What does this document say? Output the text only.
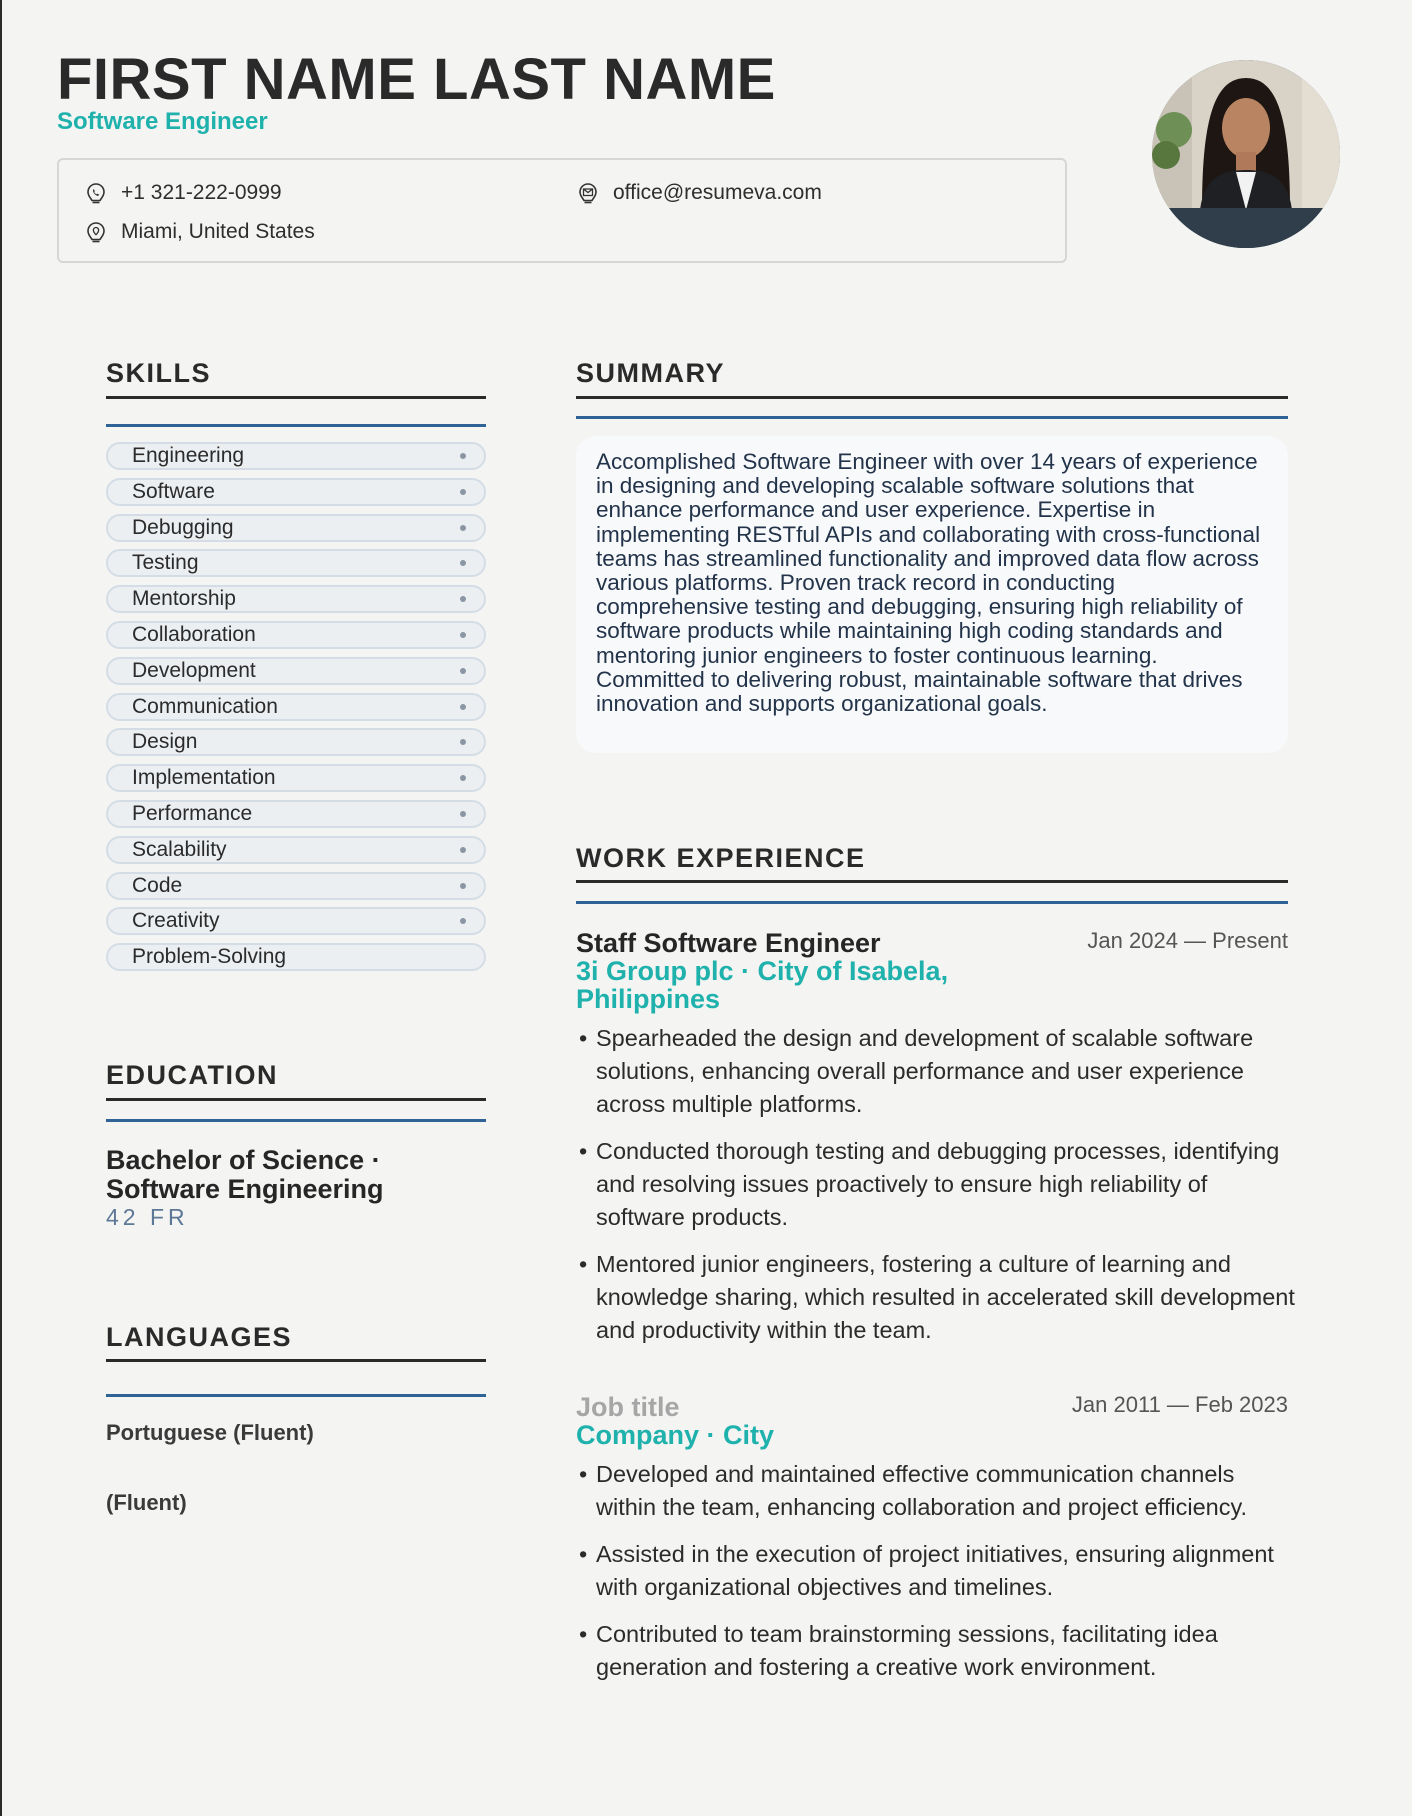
FIRST NAME LAST NAME
Software Engineer
+1 321-222-0999	office@resumeva.com
Miami, United States
SKILLS
Engineering
Software
Debugging
Testing
Mentorship
Collaboration
Development
Communication
Design
Implementation
Performance
Scalability
Code
Creativity
Problem-Solving
EDUCATION
Bachelor of Science · Software Engineering
42 FR
LANGUAGES
Portuguese (Fluent)
(Fluent)
SUMMARY
Accomplished Software Engineer with over 14 years of experience in designing and developing scalable software solutions that enhance performance and user experience. Expertise in implementing RESTful APIs and collaborating with cross-functional teams has streamlined functionality and improved data flow across various platforms. Proven track record in conducting comprehensive testing and debugging, ensuring high reliability of software products while maintaining high coding standards and mentoring junior engineers to foster continuous learning. Committed to delivering robust, maintainable software that drives innovation and supports organizational goals.
WORK EXPERIENCE
Staff Software Engineer	Jan 2024 — Present
3i Group plc · City of Isabela, Philippines
• Spearheaded the design and development of scalable software solutions, enhancing overall performance and user experience across multiple platforms.
• Conducted thorough testing and debugging processes, identifying and resolving issues proactively to ensure high reliability of software products.
• Mentored junior engineers, fostering a culture of learning and knowledge sharing, which resulted in accelerated skill development and productivity within the team.
Job title	Jan 2011 — Feb 2023
Company · City
• Developed and maintained effective communication channels within the team, enhancing collaboration and project efficiency.
• Assisted in the execution of project initiatives, ensuring alignment with organizational objectives and timelines.
• Contributed to team brainstorming sessions, facilitating idea generation and fostering a creative work environment.
